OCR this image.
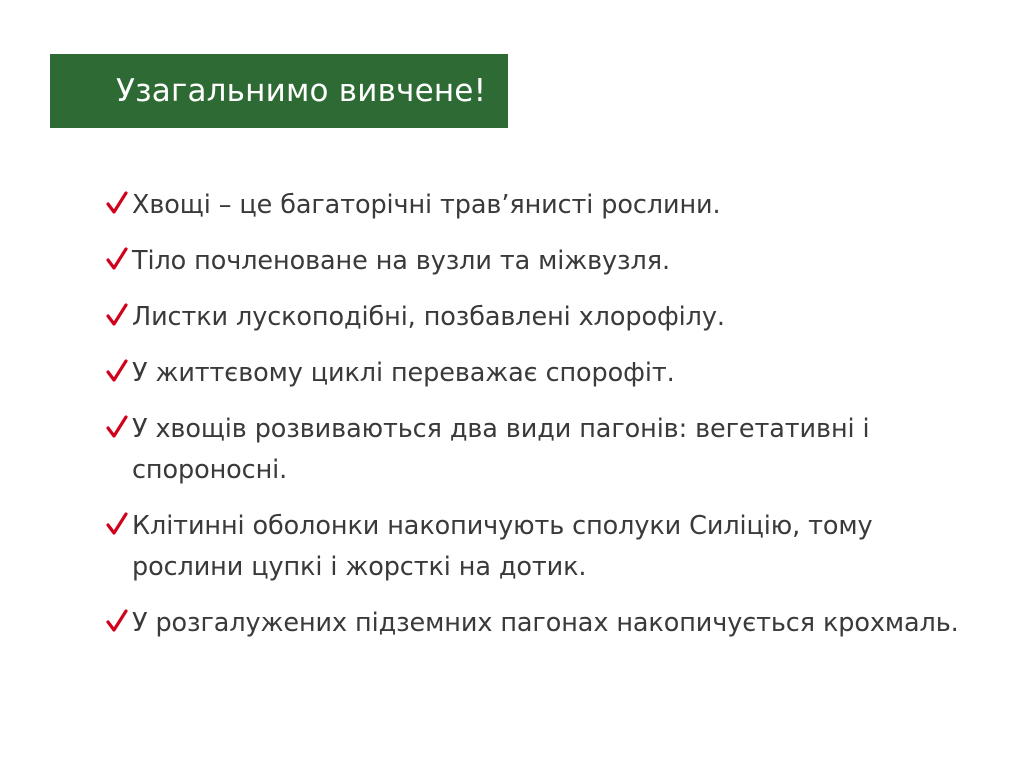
Узагальнимо вивчене!
Хвощі – це багаторічні трав’янисті рослини.
Тіло почленоване на вузли та міжвузля.
Листки лускоподібні, позбавлені хлорофілу.
У життєвому циклі переважає спорофіт.
У хвощів розвиваються два види пагонів: вегетативні і спороносні.
Клітинні оболонки накопичують сполуки Силіцію, тому рослини цупкі і жорсткі на дотик.
У розгалужених підземних пагонах накопичується крохмаль.
